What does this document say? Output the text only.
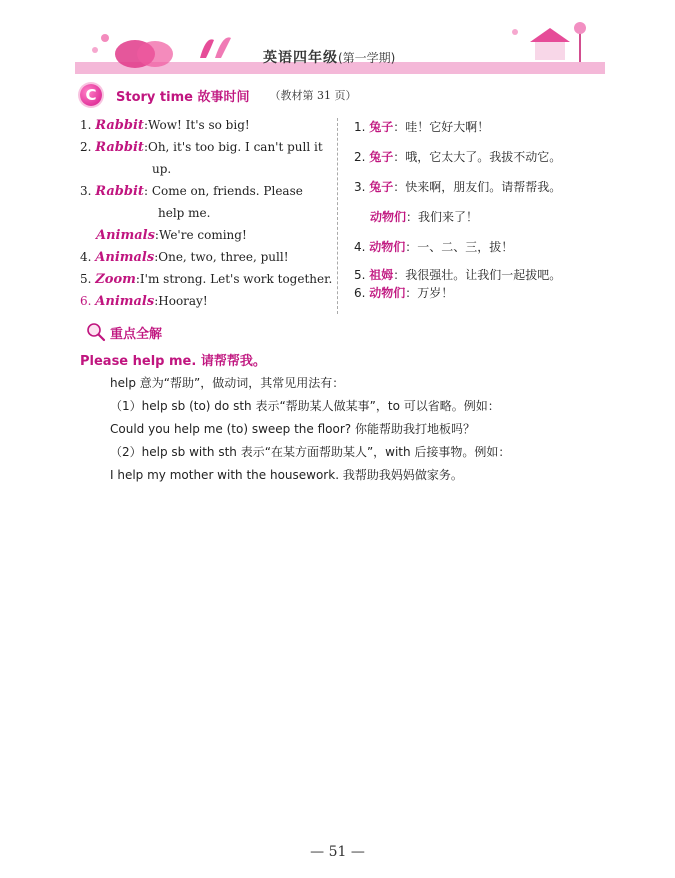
英语四年级(第一学期)
C	Story time 故事时间 （教材第 31 页）
1. Rabbit:Wow! It's so big!
2. Rabbit:Oh, it's too big. I can't pull it
up.
3. Rabbit: Come on, friends. Please
help me.
Animals:We're coming!
4. Animals:One, two, three, pull!
5. Zoom:I'm strong. Let's work together.
6. Animals:Hooray!
1. 兔子：哇！它好大啊！
2. 兔子：哦，它太大了。我拔不动它。
3. 兔子：快来啊，朋友们。请帮帮我。
动物们：我们来了！
4. 动物们：一、二、三，拔！
5. 祖姆：我很强壮。让我们一起拔吧。
6. 动物们：万岁！
重点全解
Please help me. 请帮帮我。
help 意为“帮助”，做动词，其常见用法有：
（1）help sb (to) do sth 表示“帮助某人做某事”，to 可以省略。例如：
Could you help me (to) sweep the floor? 你能帮助我打地板吗？
（2）help sb with sth 表示“在某方面帮助某人”，with 后接事物。例如：
I help my mother with the housework. 我帮助我妈妈做家务。
— 51 —
